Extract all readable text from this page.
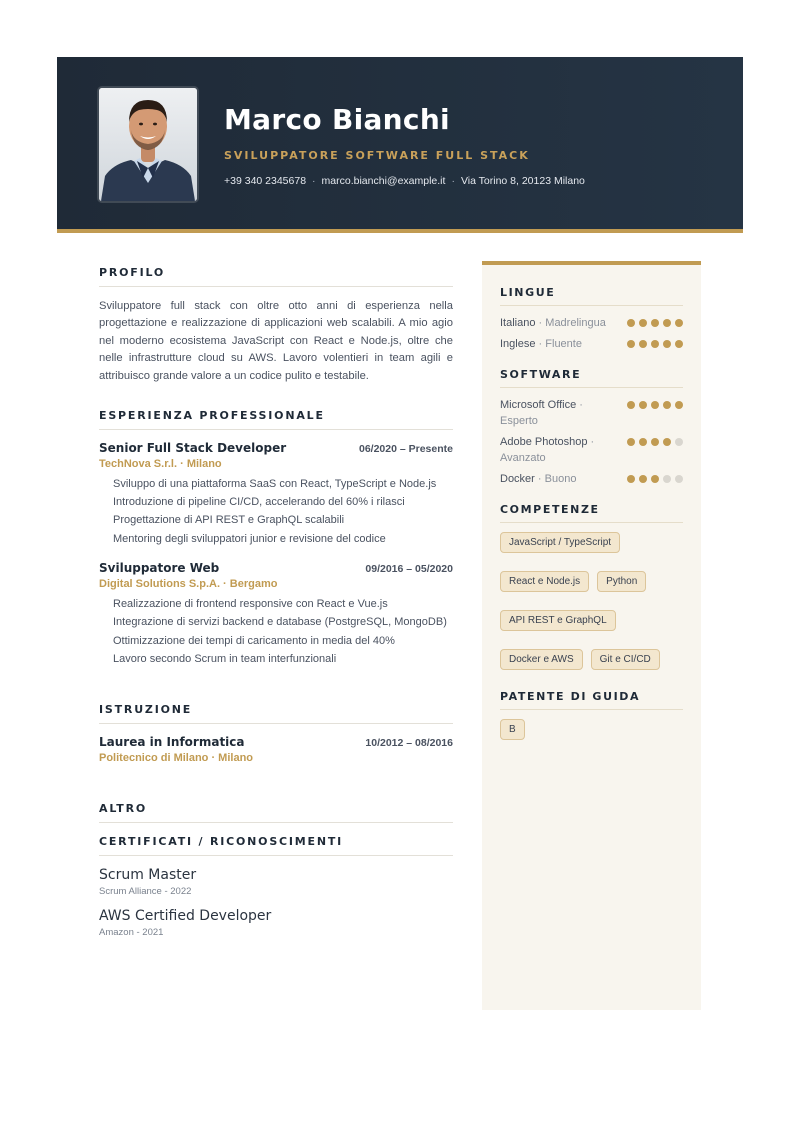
Marco Bianchi
SVILUPPATORE SOFTWARE FULL STACK
+39 340 2345678 · marco.bianchi@example.it · Via Torino 8, 20123 Milano
PROFILO

Sviluppatore full stack con oltre otto anni di esperienza nella progettazione e realizzazione di applicazioni web scalabili. A mio agio nel moderno ecosistema JavaScript con React e Node.js, oltre che nelle infrastrutture cloud su AWS. Lavoro volentieri in team agili e attribuisco grande valore a un codice pulito e testabile.

ESPERIENZA PROFESSIONALE
Senior Full Stack Developer	06/2020 – Presente
TechNova S.r.l. · Milano
Sviluppo di una piattaforma SaaS con React, TypeScript e Node.js
Introduzione di pipeline CI/CD, accelerando del 60% i rilasci
Progettazione di API REST e GraphQL scalabili
Mentoring degli sviluppatori junior e revisione del codice
Sviluppatore Web	09/2016 – 05/2020
Digital Solutions S.p.A. · Bergamo
Realizzazione di frontend responsive con React e Vue.js
Integrazione di servizi backend e database (PostgreSQL, MongoDB)
Ottimizzazione dei tempi di caricamento in media del 40%
Lavoro secondo Scrum in team interfunzionali
ISTRUZIONE
Laurea in Informatica	10/2012 – 08/2016
Politecnico di Milano · Milano
ALTRO
CERTIFICATI / RICONOSCIMENTI
Scrum Master
Scrum Alliance - 2022
AWS Certified Developer
Amazon - 2021
LINGUE
Italiano · Madrelingua
Inglese · Fluente
SOFTWARE
Microsoft Office · Esperto
Adobe Photoshop · Avanzato
Docker · Buono
COMPETENZE
JavaScript / TypeScript
React e Node.js	Python
API REST e GraphQL
Docker e AWS	Git e CI/CD
PATENTE DI GUIDA
B
